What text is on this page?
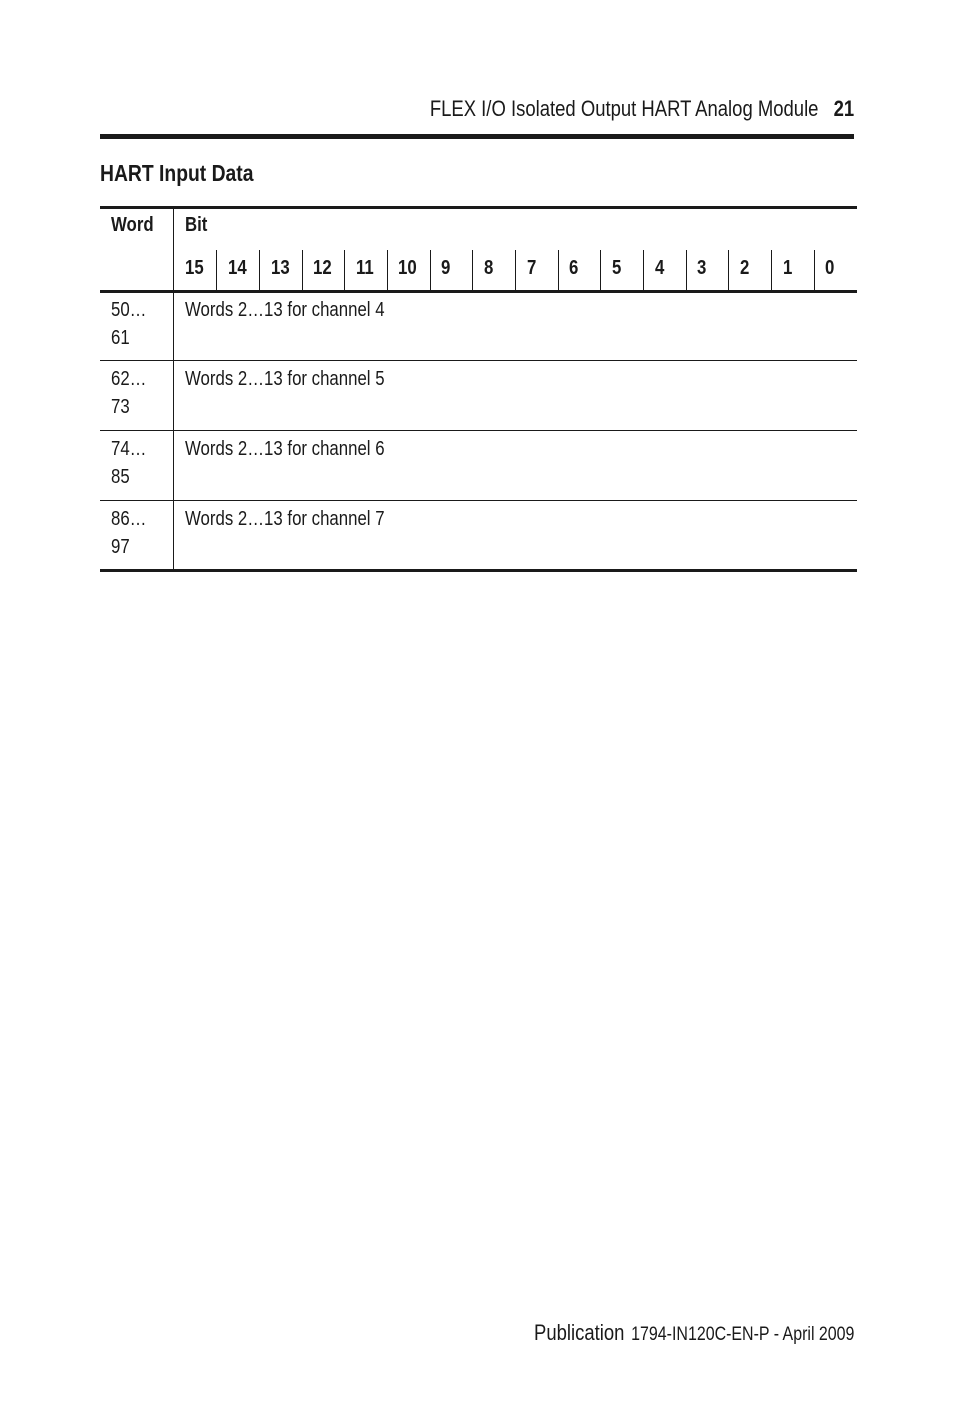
FLEX I/O Isolated Output HART Analog Module 21
HART Input Data
Word	Bit
15 14 13 12 11 10 9 8 7 6 5 4 3 2 1 0
50…
61
Words 2…13 for channel 4
62…
73
Words 2…13 for channel 5
74…
85
Words 2…13 for channel 6
86…
97
Words 2…13 for channel 7
Publication 1794-IN120C-EN-P - April 2009
